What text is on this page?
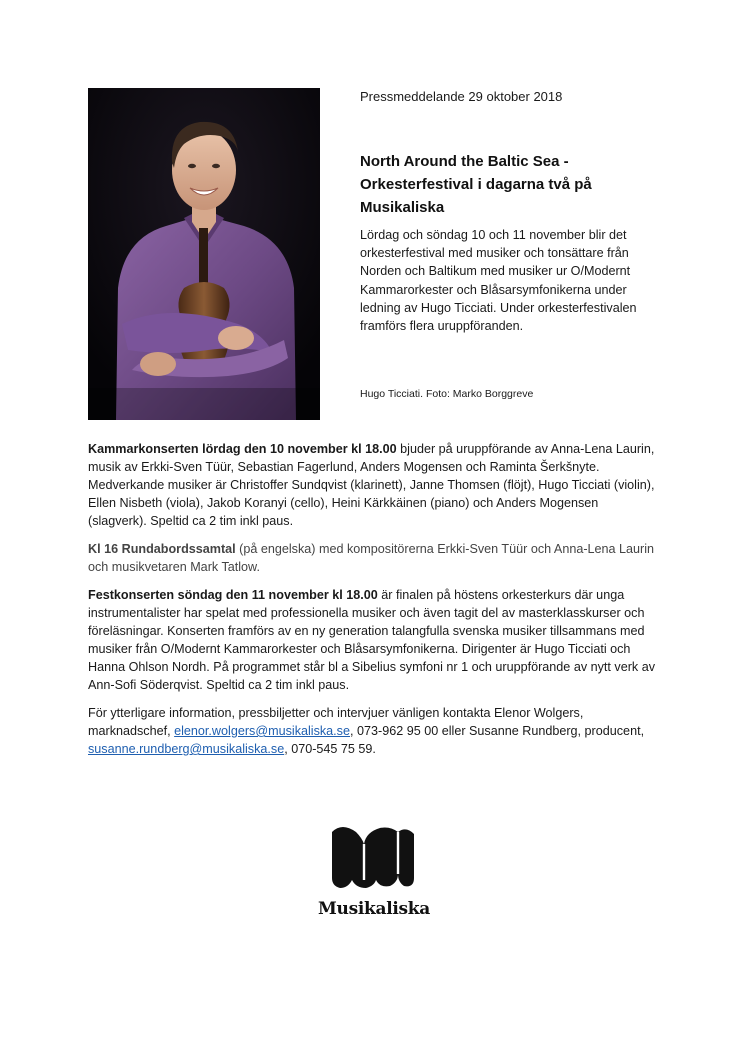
Pressmeddelande 29 oktober 2018

North Around the Baltic Sea -
Orkesterfestival i dagarna två på
Musikaliska

Lördag och söndag 10 och 11 november blir det orkesterfestival med musiker och tonsättare från Norden och Baltikum med musiker ur O/Modernt Kammarorkester och Blåsarsymfonikerna under ledning av Hugo Ticciati. Under orkesterfestivalen framförs flera uruppföranden.

Hugo Ticciati. Foto: Marko Borggreve

Kammarkonserten lördag den 10 november kl 18.00 bjuder på uruppförande av Anna-Lena Laurin, musik av Erkki-Sven Tüür, Sebastian Fagerlund, Anders Mogensen och Raminta Šerkšnyte. Medverkande musiker är Christoffer Sundqvist (klarinett), Janne Thomsen (flöjt), Hugo Ticciati (violin), Ellen Nisbeth (viola), Jakob Koranyi (cello), Heini Kärkkäinen (piano) och Anders Mogensen (slagverk). Speltid ca 2 tim inkl paus.

Kl 16 Rundabordssamtal (på engelska) med kompositörerna Erkki-Sven Tüür och Anna-Lena Laurin och musikvetaren Mark Tatlow.

Festkonserten söndag den 11 november kl 18.00 är finalen på höstens orkesterkurs där unga instrumentalister har spelat med professionella musiker och även tagit del av masterklasskurser och föreläsningar. Konserten framförs av en ny generation talangfulla svenska musiker tillsammans med musiker från O/Modernt Kammarorkester och Blåsarsymfonikerna. Dirigenter är Hugo Ticciati och Hanna Ohlson Nordh. På programmet står bl a Sibelius symfoni nr 1 och uruppförande av nytt verk av Ann-Sofi Söderqvist. Speltid ca 2 tim inkl paus.

För ytterligare information, pressbiljetter och intervjuer vänligen kontakta Elenor Wolgers, marknadschef, elenor.wolgers@musikaliska.se, 073-962 95 00 eller Susanne Rundberg, producent, susanne.rundberg@musikaliska.se, 070-545 75 59.

Musikaliska
